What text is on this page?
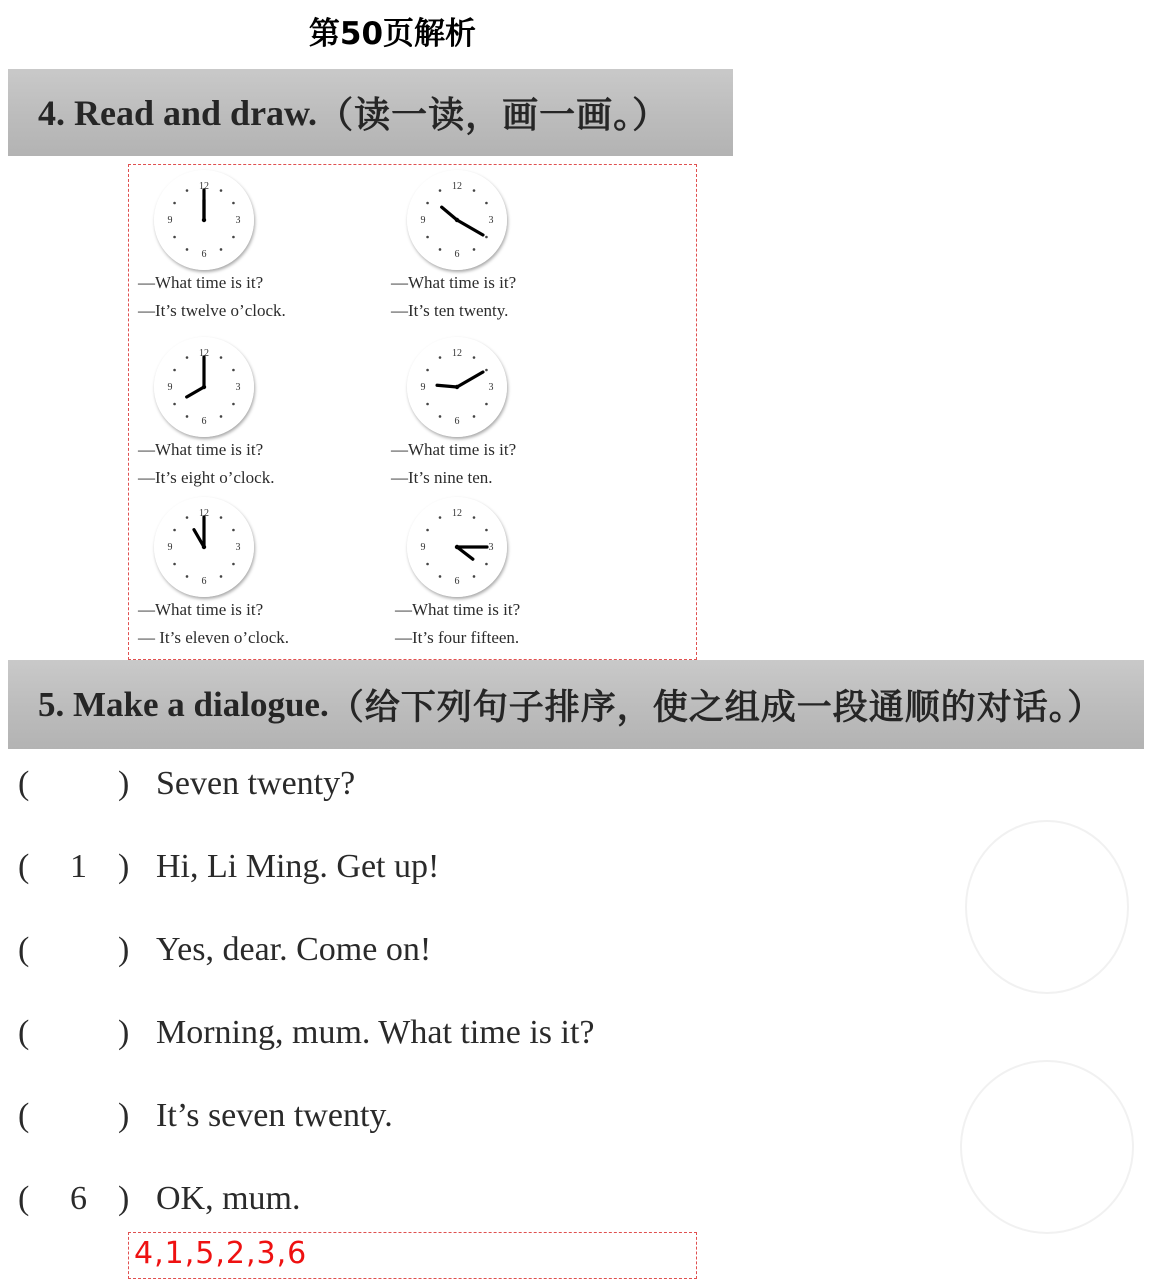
第50页解析
4. Read and draw. （读一读，画一画。）
12
3
6
9
—What time is it?
—It’s twelve o’clock.
12
3
6
9
—What time is it?
—It’s ten twenty.
12
3
6
9
—What time is it?
—It’s eight o’clock.
12
3
6
9
—What time is it?
—It’s nine ten.
12
3
6
9
—What time is it?
— It’s eleven o’clock.
12
3
6
9
—What time is it?
—It’s four fifteen.
5. Make a dialogue. （给下列句子排序，使之组成一段通顺的对话。）
(	) Seven twenty?
( 1 ) Hi, Li Ming. Get up!
(	) Yes, dear. Come on!
(	) Morning, mum. What time is it?
(	) It’s seven twenty.
( 6 ) OK, mum.
4,1,5,2,3,6
